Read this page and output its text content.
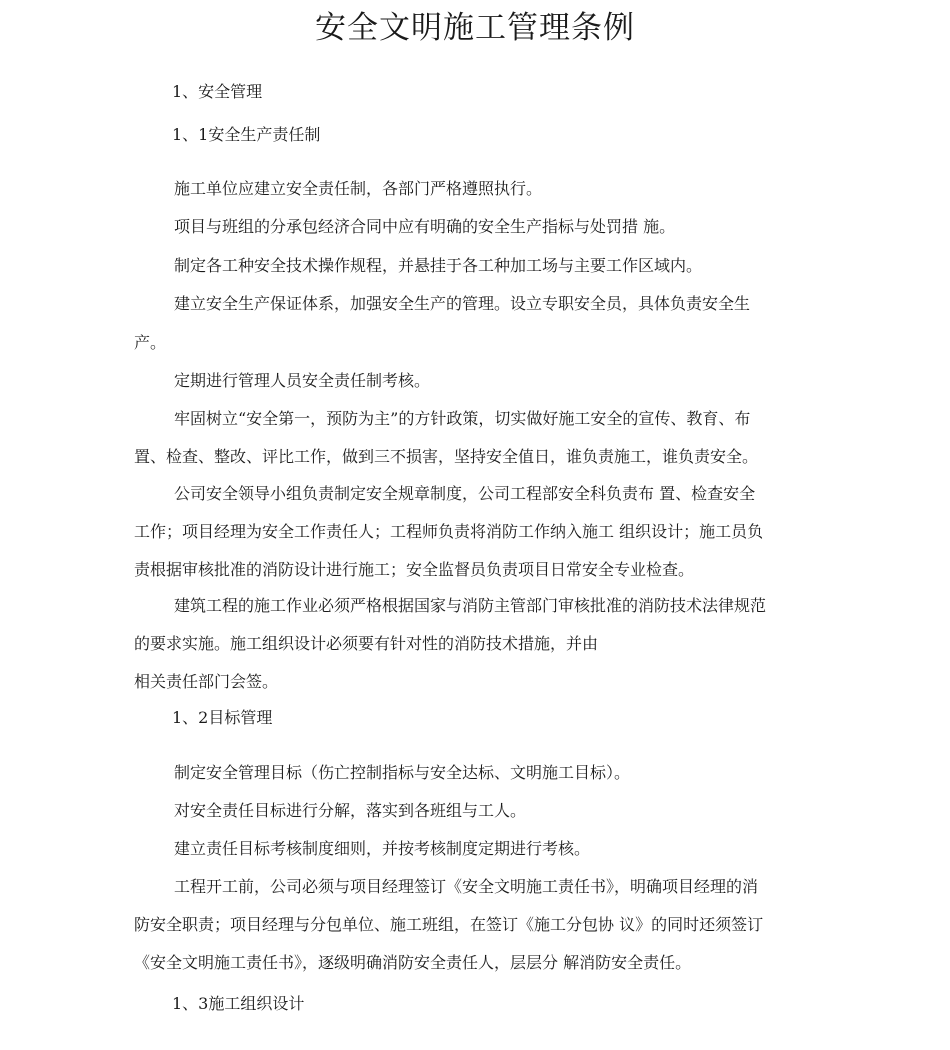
安全文明施工管理条例
1、安全管理
1、1安全生产责任制
施工单位应建立安全责任制，各部门严格遵照执行。
项目与班组的分承包经济合同中应有明确的安全生产指标与处罚措 施。
制定各工种安全技术操作规程，并悬挂于各工种加工场与主要工作区域内。
建立安全生产保证体系，加强安全生产的管理。设立专职安全员，具体负责安全生
产。
定期进行管理人员安全责任制考核。
牢固树立“安全第一，预防为主”的方针政策，切实做好施工安全的宣传、教育、布
置、检查、整改、评比工作，做到三不损害，坚持安全值日，谁负责施工，谁负责安全。
公司安全领导小组负责制定安全规章制度，公司工程部安全科负责布 置、检查安全
工作；项目经理为安全工作责任人；工程师负责将消防工作纳入施工 组织设计；施工员负
责根据审核批准的消防设计进行施工；安全监督员负责项目日常安全专业检查。
建筑工程的施工作业必须严格根据国家与消防主管部门审核批准的消防技术法律规范
的要求实施。施工组织设计必须要有针对性的消防技术措施，并由
相关责任部门会签。
1、2目标管理
制定安全管理目标（伤亡控制指标与安全达标、文明施工目标）。
对安全责任目标进行分解，落实到各班组与工人。
建立责任目标考核制度细则，并按考核制度定期进行考核。
工程开工前，公司必须与项目经理签订《安全文明施工责任书》，明确项目经理的消
防安全职责；项目经理与分包单位、施工班组，在签订《施工分包协 议》的同时还须签订
《安全文明施工责任书》，逐级明确消防安全责任人，层层分 解消防安全责任。
1、3施工组织设计
